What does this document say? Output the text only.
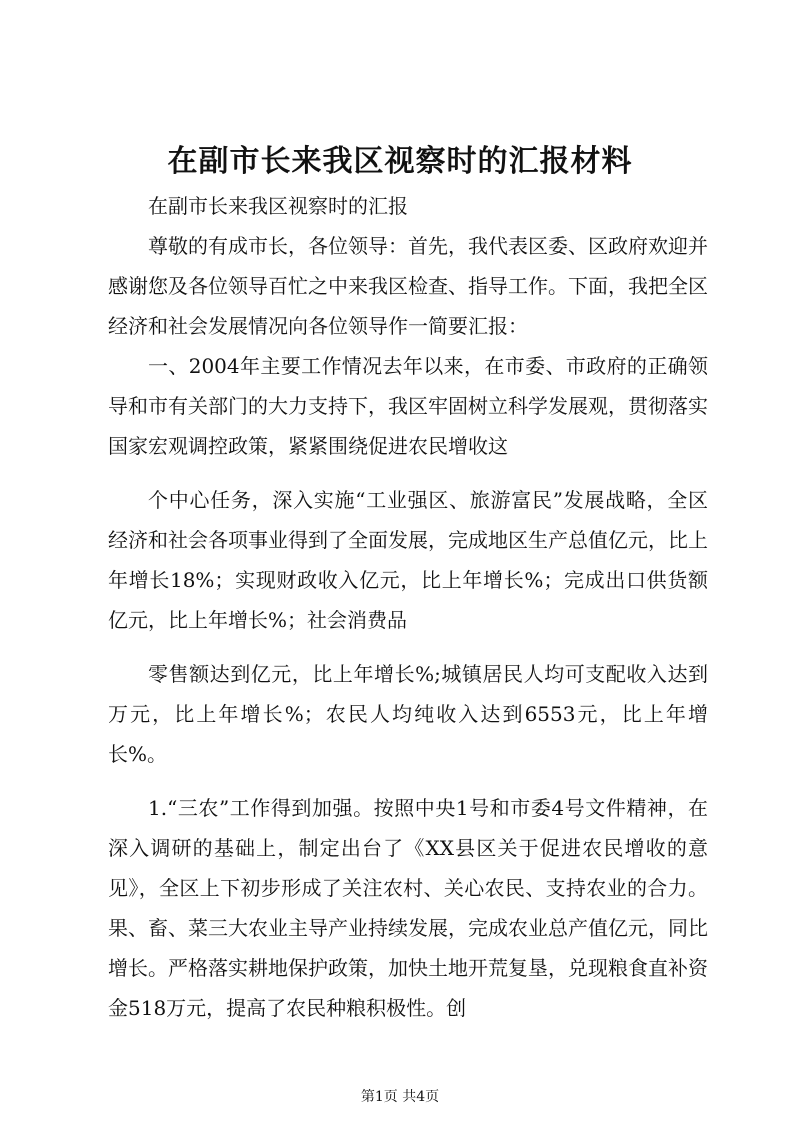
在副市长来我区视察时的汇报材料

在副市长来我区视察时的汇报

尊敬的有成市长，各位领导：首先，我代表区委、区政府欢迎并感谢您及各位领导百忙之中来我区检查、指导工作。下面，我把全区经济和社会发展情况向各位领导作一简要汇报：

一、2004年主要工作情况去年以来，在市委、市政府的正确领导和市有关部门的大力支持下，我区牢固树立科学发展观，贯彻落实国家宏观调控政策，紧紧围绕促进农民增收这

个中心任务，深入实施“工业强区、旅游富民”发展战略，全区经济和社会各项事业得到了全面发展，完成地区生产总值亿元，比上年增长18%；实现财政收入亿元，比上年增长%；完成出口供货额亿元，比上年增长%；社会消费品

零售额达到亿元，比上年增长%;城镇居民人均可支配收入达到万元，比上年增长%；农民人均纯收入达到6553元，比上年增长%。

1.“三农”工作得到加强。按照中央1号和市委4号文件精神，在深入调研的基础上，制定出台了《XX县区关于促进农民增收的意见》，全区上下初步形成了关注农村、关心农民、支持农业的合力。果、畜、菜三大农业主导产业持续发展，完成农业总产值亿元，同比增长。严格落实耕地保护政策，加快土地开荒复垦，兑现粮食直补资金518万元，提高了农民种粮积极性。创

第1页 共4页
